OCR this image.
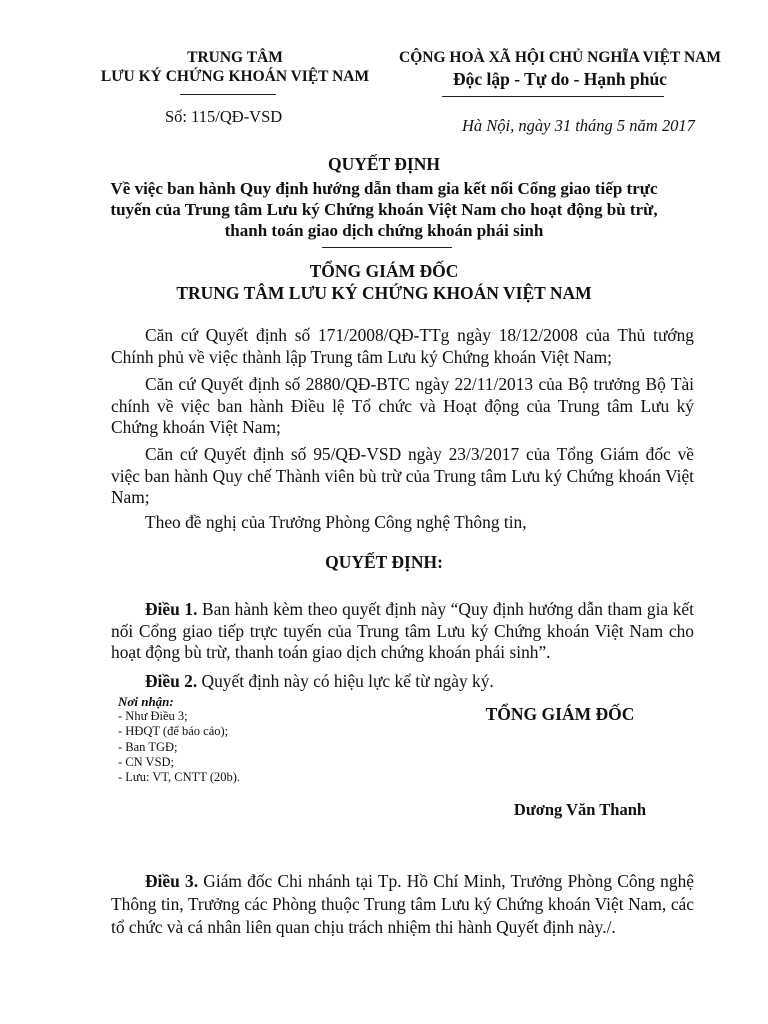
TRUNG TÂM
LƯU KÝ CHỨNG KHOÁN VIỆT NAM
Số: 115/QĐ-VSD
CỘNG HOÀ XÃ HỘI CHỦ NGHĨA VIỆT NAM
Độc lập - Tự do - Hạnh phúc
Hà Nội, ngày 31 tháng 5 năm 2017
QUYẾT ĐỊNH
Về việc ban hành Quy định hướng dẫn tham gia kết nối Cổng giao tiếp trực
tuyến của Trung tâm Lưu ký Chứng khoán Việt Nam cho hoạt động bù trừ,
thanh toán giao dịch chứng khoán phái sinh
TỔNG GIÁM ĐỐC
TRUNG TÂM LƯU KÝ CHỨNG KHOÁN VIỆT NAM
Căn cứ Quyết định số 171/2008/QĐ-TTg ngày 18/12/2008 của Thủ tướng Chính phủ về việc thành lập Trung tâm Lưu ký Chứng khoán Việt Nam;
Căn cứ Quyết định số 2880/QĐ-BTC ngày 22/11/2013 của Bộ trưởng Bộ Tài chính về việc ban hành Điều lệ Tổ chức và Hoạt động của Trung tâm Lưu ký Chứng khoán Việt Nam;
Căn cứ Quyết định số 95/QĐ-VSD ngày 23/3/2017 của Tổng Giám đốc về việc ban hành Quy chế Thành viên bù trừ của Trung tâm Lưu ký Chứng khoán Việt Nam;
Theo đề nghị của Trưởng Phòng Công nghệ Thông tin,
QUYẾT ĐỊNH:
Điều 1. Ban hành kèm theo quyết định này “Quy định hướng dẫn tham gia kết nối Cổng giao tiếp trực tuyến của Trung tâm Lưu ký Chứng khoán Việt Nam cho hoạt động bù trừ, thanh toán giao dịch chứng khoán phái sinh”.
Điều 2. Quyết định này có hiệu lực kể từ ngày ký.
Nơi nhận:
- Như Điều 3;
- HĐQT (để báo cáo);
- Ban TGĐ;
- CN VSD;
- Lưu: VT, CNTT (20b).
TỔNG GIÁM ĐỐC
Dương Văn Thanh
Điều 3. Giám đốc Chi nhánh tại Tp. Hồ Chí Minh, Trưởng Phòng Công nghệ Thông tin, Trưởng các Phòng thuộc Trung tâm Lưu ký Chứng khoán Việt Nam, các tổ chức và cá nhân liên quan chịu trách nhiệm thi hành Quyết định này./.
